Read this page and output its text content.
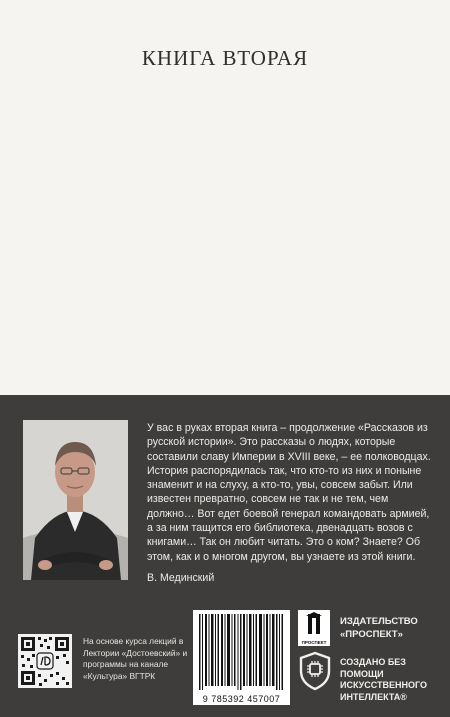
КНИГА ВТОРАЯ

У вас в руках вторая книга – продолжение «Рассказов из русской истории». Это рассказы о людях, которые составили славу Империи в XVIII веке, – ее полководцах. История распорядилась так, что кто-то из них и поныне знаменит и на слуху, а кто-то, увы, совсем забыт. Или известен превратно, совсем не так и не тем, чем должно… Вот едет боевой генерал командовать армией, а за ним тащится его библиотека, двенадцать возов с книгами… Так он любит читать. Это о ком? Знаете? Об этом, как и о многом другом, вы узнаете из этой книги.

В. Мединский
На основе курса лекций в Лектории «Достоевский» и программы на канале «Культура» ВГТРК
9 785392 457007
ПРОСПЕКТ
ИЗДАТЕЛЬСТВО
«ПРОСПЕКТ»
СОЗДАНО БЕЗ ПОМОЩИ
ИСКУССТВЕННОГО
ИНТЕЛЛЕКТА®
